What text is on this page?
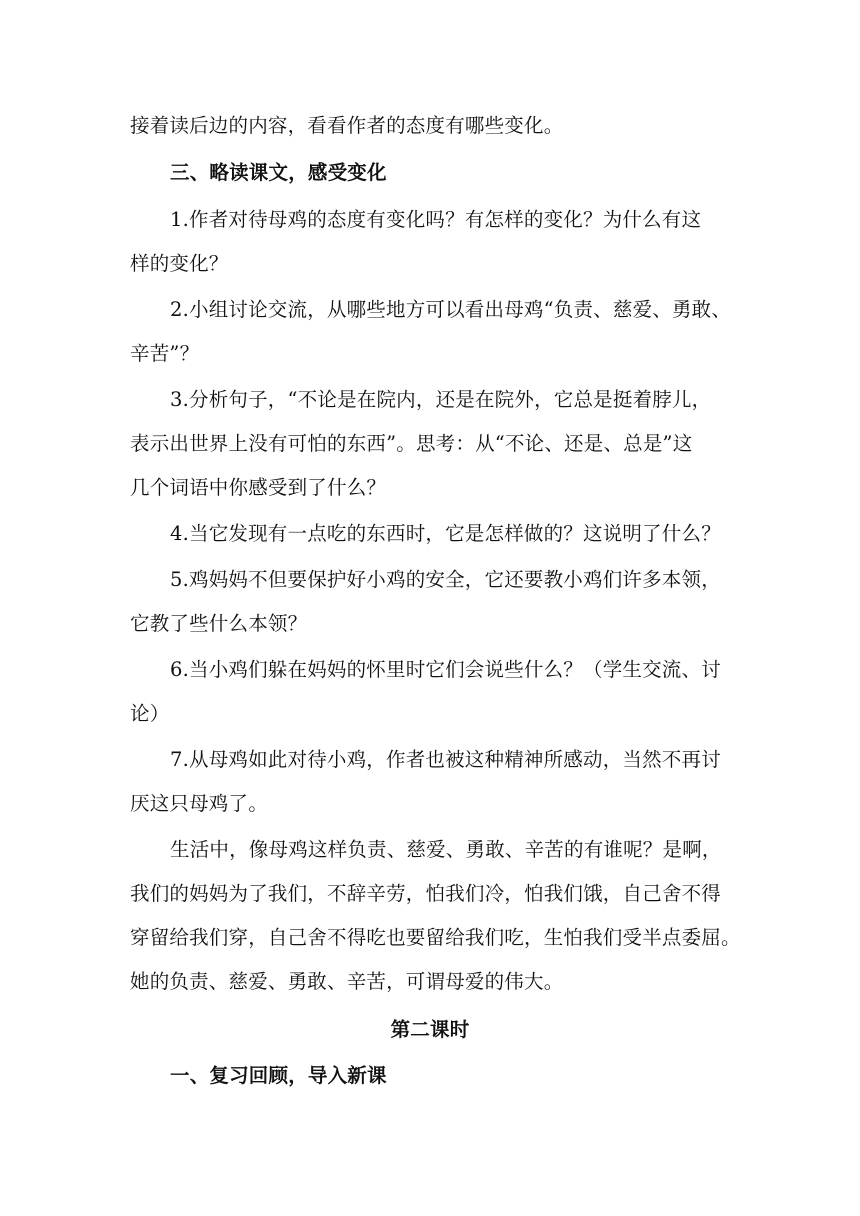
接着读后边的内容，看看作者的态度有哪些变化。
三、略读课文，感受变化
1.作者对待母鸡的态度有变化吗？有怎样的变化？为什么有这
样的变化？
2.小组讨论交流，从哪些地方可以看出母鸡“负责、慈爱、勇敢、
辛苦”？
3.分析句子，“不论是在院内，还是在院外，它总是挺着脖儿，
表示出世界上没有可怕的东西”。思考：从“不论、还是、总是”这
几个词语中你感受到了什么？
4.当它发现有一点吃的东西时，它是怎样做的？这说明了什么？
5.鸡妈妈不但要保护好小鸡的安全，它还要教小鸡们许多本领，
它教了些什么本领？
6.当小鸡们躲在妈妈的怀里时它们会说些什么？（学生交流、讨
论）
7.从母鸡如此对待小鸡，作者也被这种精神所感动，当然不再讨
厌这只母鸡了。
生活中，像母鸡这样负责、慈爱、勇敢、辛苦的有谁呢？是啊，
我们的妈妈为了我们，不辞辛劳，怕我们冷，怕我们饿，自己舍不得
穿留给我们穿，自己舍不得吃也要留给我们吃，生怕我们受半点委屈。
她的负责、慈爱、勇敢、辛苦，可谓母爱的伟大。
第二课时
一、复习回顾，导入新课
